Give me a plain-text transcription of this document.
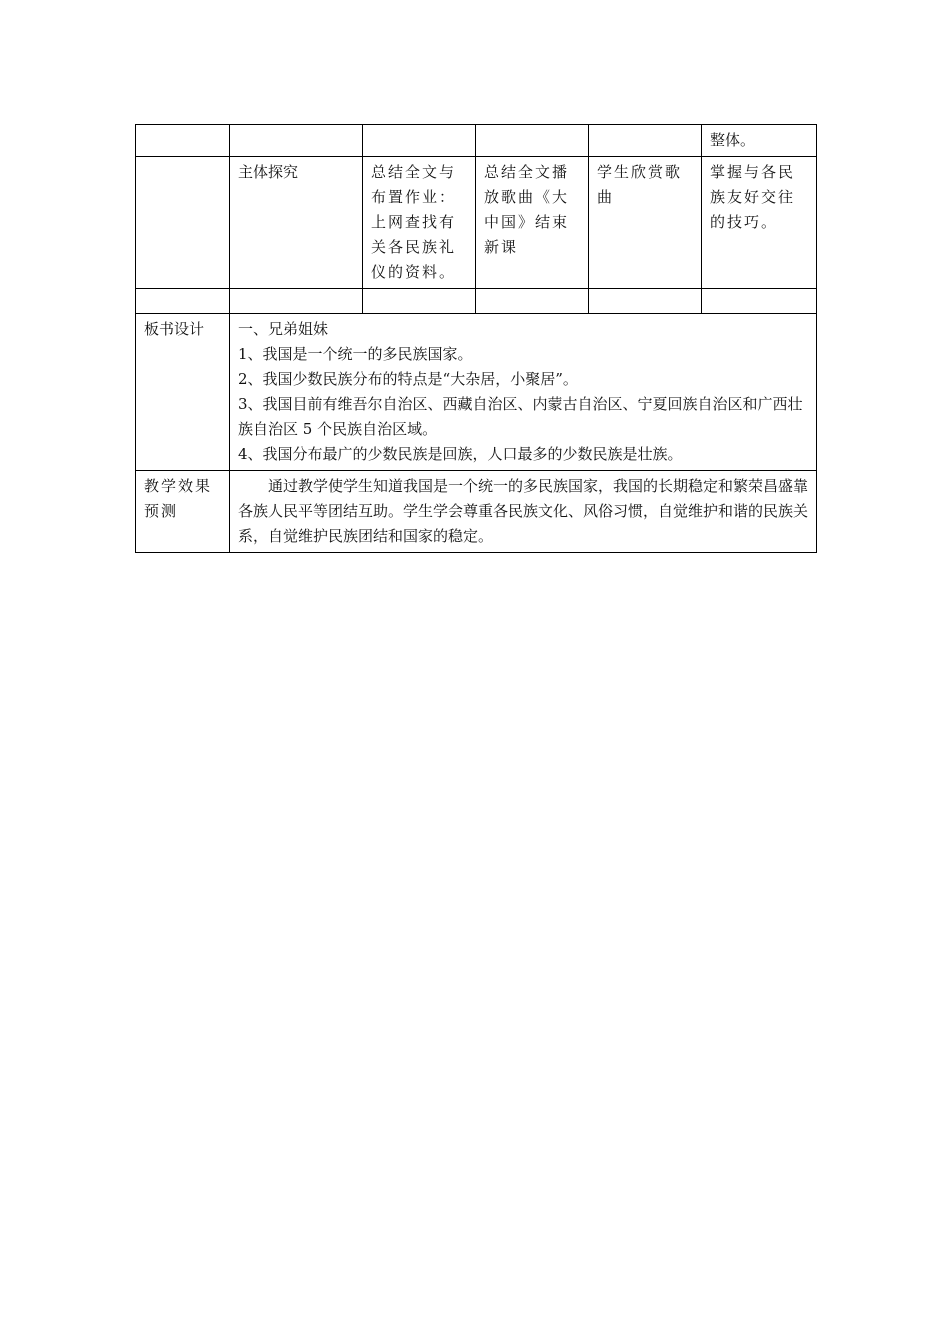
					整体。
	主体探究	总结全文与布置作业：上网查找有关各民族礼仪的资料。	总结全文播放歌曲《大中国》结束新课	学生欣赏歌曲	掌握与各民族友好交往的技巧。

板书设计	一、兄弟姐妹
1、我国是一个统一的多民族国家。
2、我国少数民族分布的特点是“大杂居，小聚居”。
3、我国目前有维吾尔自治区、西藏自治区、内蒙古自治区、宁夏回族自治区和广西壮族自治区 5 个民族自治区域。
4、我国分布最广的少数民族是回族，人口最多的少数民族是壮族。				

教学效果预测	通过教学使学生知道我国是一个统一的多民族国家，我国的长期稳定和繁荣昌盛靠各族人民平等团结互助。学生学会尊重各民族文化、风俗习惯，自觉维护和谐的民族关系，自觉维护民族团结和国家的稳定。				
